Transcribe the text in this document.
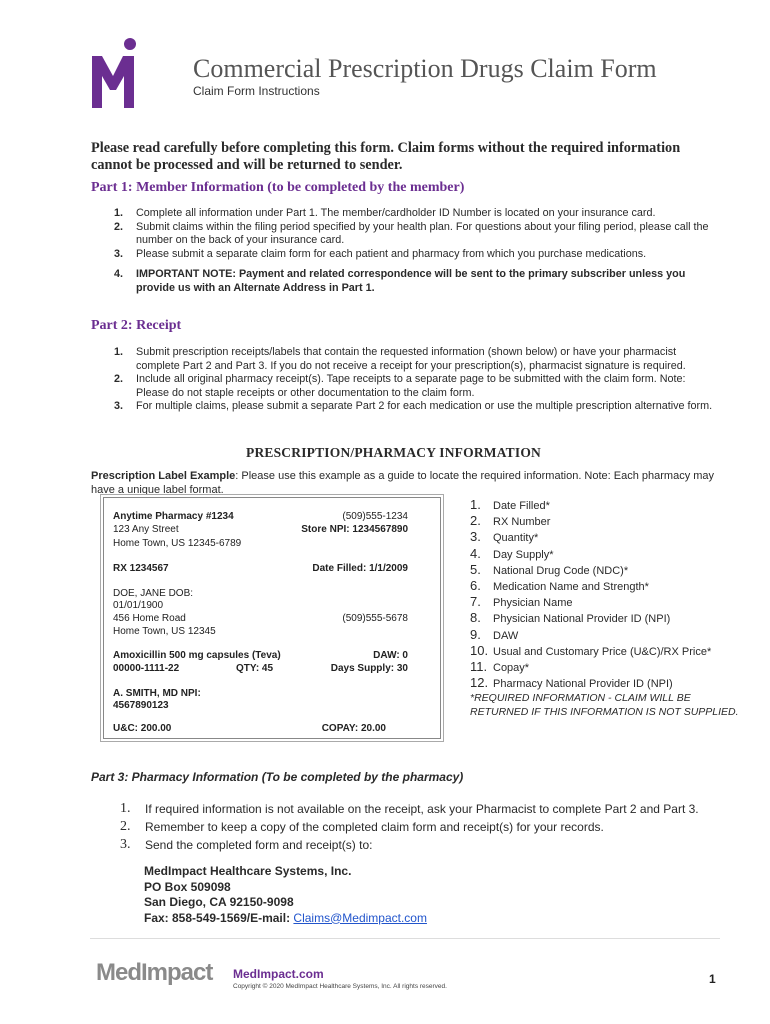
Commercial Prescription Drugs Claim Form
Claim Form Instructions
Please read carefully before completing this form. Claim forms without the required information cannot be processed and will be returned to sender.
Part 1: Member Information (to be completed by the member)
1. Complete all information under Part 1. The member/cardholder ID Number is located on your insurance card.
2. Submit claims within the filing period specified by your health plan. For questions about your filing period, please call the number on the back of your insurance card.
3. Please submit a separate claim form for each patient and pharmacy from which you purchase medications.
4. IMPORTANT NOTE: Payment and related correspondence will be sent to the primary subscriber unless you provide us with an Alternate Address in Part 1.
Part 2: Receipt
1. Submit prescription receipts/labels that contain the requested information (shown below) or have your pharmacist complete Part 2 and Part 3. If you do not receive a receipt for your prescription(s), pharmacist signature is required.
2. Include all original pharmacy receipt(s). Tape receipts to a separate page to be submitted with the claim form. Note: Please do not staple receipts or other documentation to the claim form.
3. For multiple claims, please submit a separate Part 2 for each medication or use the multiple prescription alternative form.
PRESCRIPTION/PHARMACY INFORMATION
Prescription Label Example: Please use this example as a guide to locate the required information. Note: Each pharmacy may have a unique label format.
Anytime Pharmacy #1234	(509)555-1234
123 Any Street	Store NPI: 1234567890
Home Town, US 12345-6789
RX 1234567	Date Filled: 1/1/2009
DOE, JANE DOB:
01/01/1900
456 Home Road	(509)555-5678
Home Town, US 12345
Amoxicillin 500 mg capsules (Teva)	DAW: 0
00000-1111-22	QTY: 45	Days Supply: 30
A. SMITH, MD NPI:
4567890123
U&C: 200.00	COPAY: 20.00
1.	Date Filled*
2.	RX Number
3.	Quantity*
4.	Day Supply*
5.	National Drug Code (NDC)*
6.	Medication Name and Strength*
7.	Physician Name
8.	Physician National Provider ID (NPI)
9.	DAW
10. Usual and Customary Price (U&C)/RX Price*
11. Copay*
12. Pharmacy National Provider ID (NPI)
*REQUIRED INFORMATION - CLAIM WILL BE RETURNED IF THIS INFORMATION IS NOT SUPPLIED.
Part 3: Pharmacy Information (To be completed by the pharmacy)
1.	If required information is not available on the receipt, ask your Pharmacist to complete Part 2 and Part 3.
2.	Remember to keep a copy of the completed claim form and receipt(s) for your records.
3.	Send the completed form and receipt(s) to:
MedImpact Healthcare Systems, Inc.
PO Box 509098
San Diego, CA 92150-9098
Fax: 858-549-1569/E-mail: Claims@Medimpact.com
MedImpact MedImpact.com
Copyright © 2020 MedImpact Healthcare Systems, Inc. All rights reserved.
1
